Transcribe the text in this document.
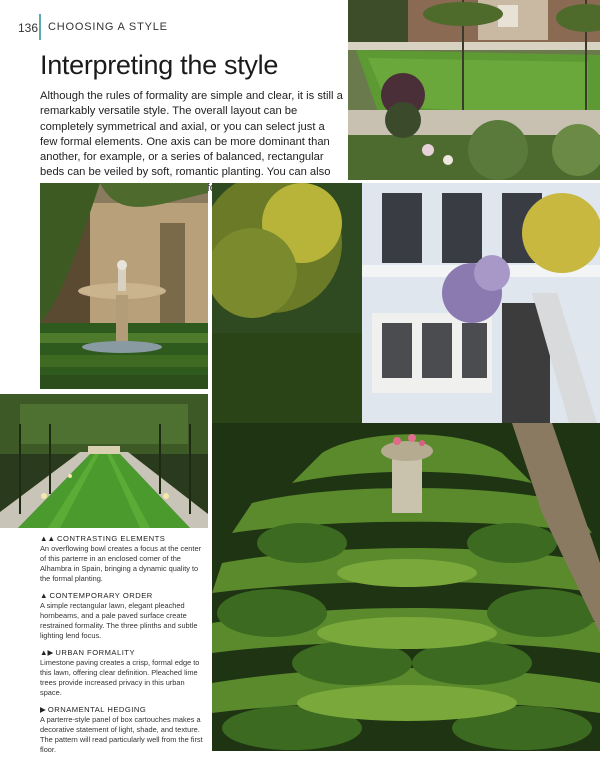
136 CHOOSING A STYLE
Interpreting the style

Although the rules of formality are simple and clear, it is still a remarkably versatile style. The overall layout can be completely symmetrical and axial, or you can select just a few formal elements. One axis can be more dominant than another, for example, or a series of balanced, rectangular beds can be veiled by soft, romantic planting. You can also

▲▲ CONTRASTING ELEMENTS
An overflowing bowl creates a focus at the center of this parterre in an enclosed corner of the Alhambra in Spain, bringing a dynamic quality to the formal planting.
▲ CONTEMPORARY ORDER
A simple rectangular lawn, elegant pleached hornbeams, and a pale paved surface create restrained formality. The three plinths and subtle lighting lend focus.
▲▶ URBAN FORMALITY
Limestone paving creates a crisp, formal edge to this lawn, offering clear definition. Pleached lime trees provide increased privacy in this urban space.
▶ ORNAMENTAL HEDGING
A parterre-style panel of box cartouches makes a decorative statement of light, shade, and texture. The pattern will read particularly well from the first floor.
